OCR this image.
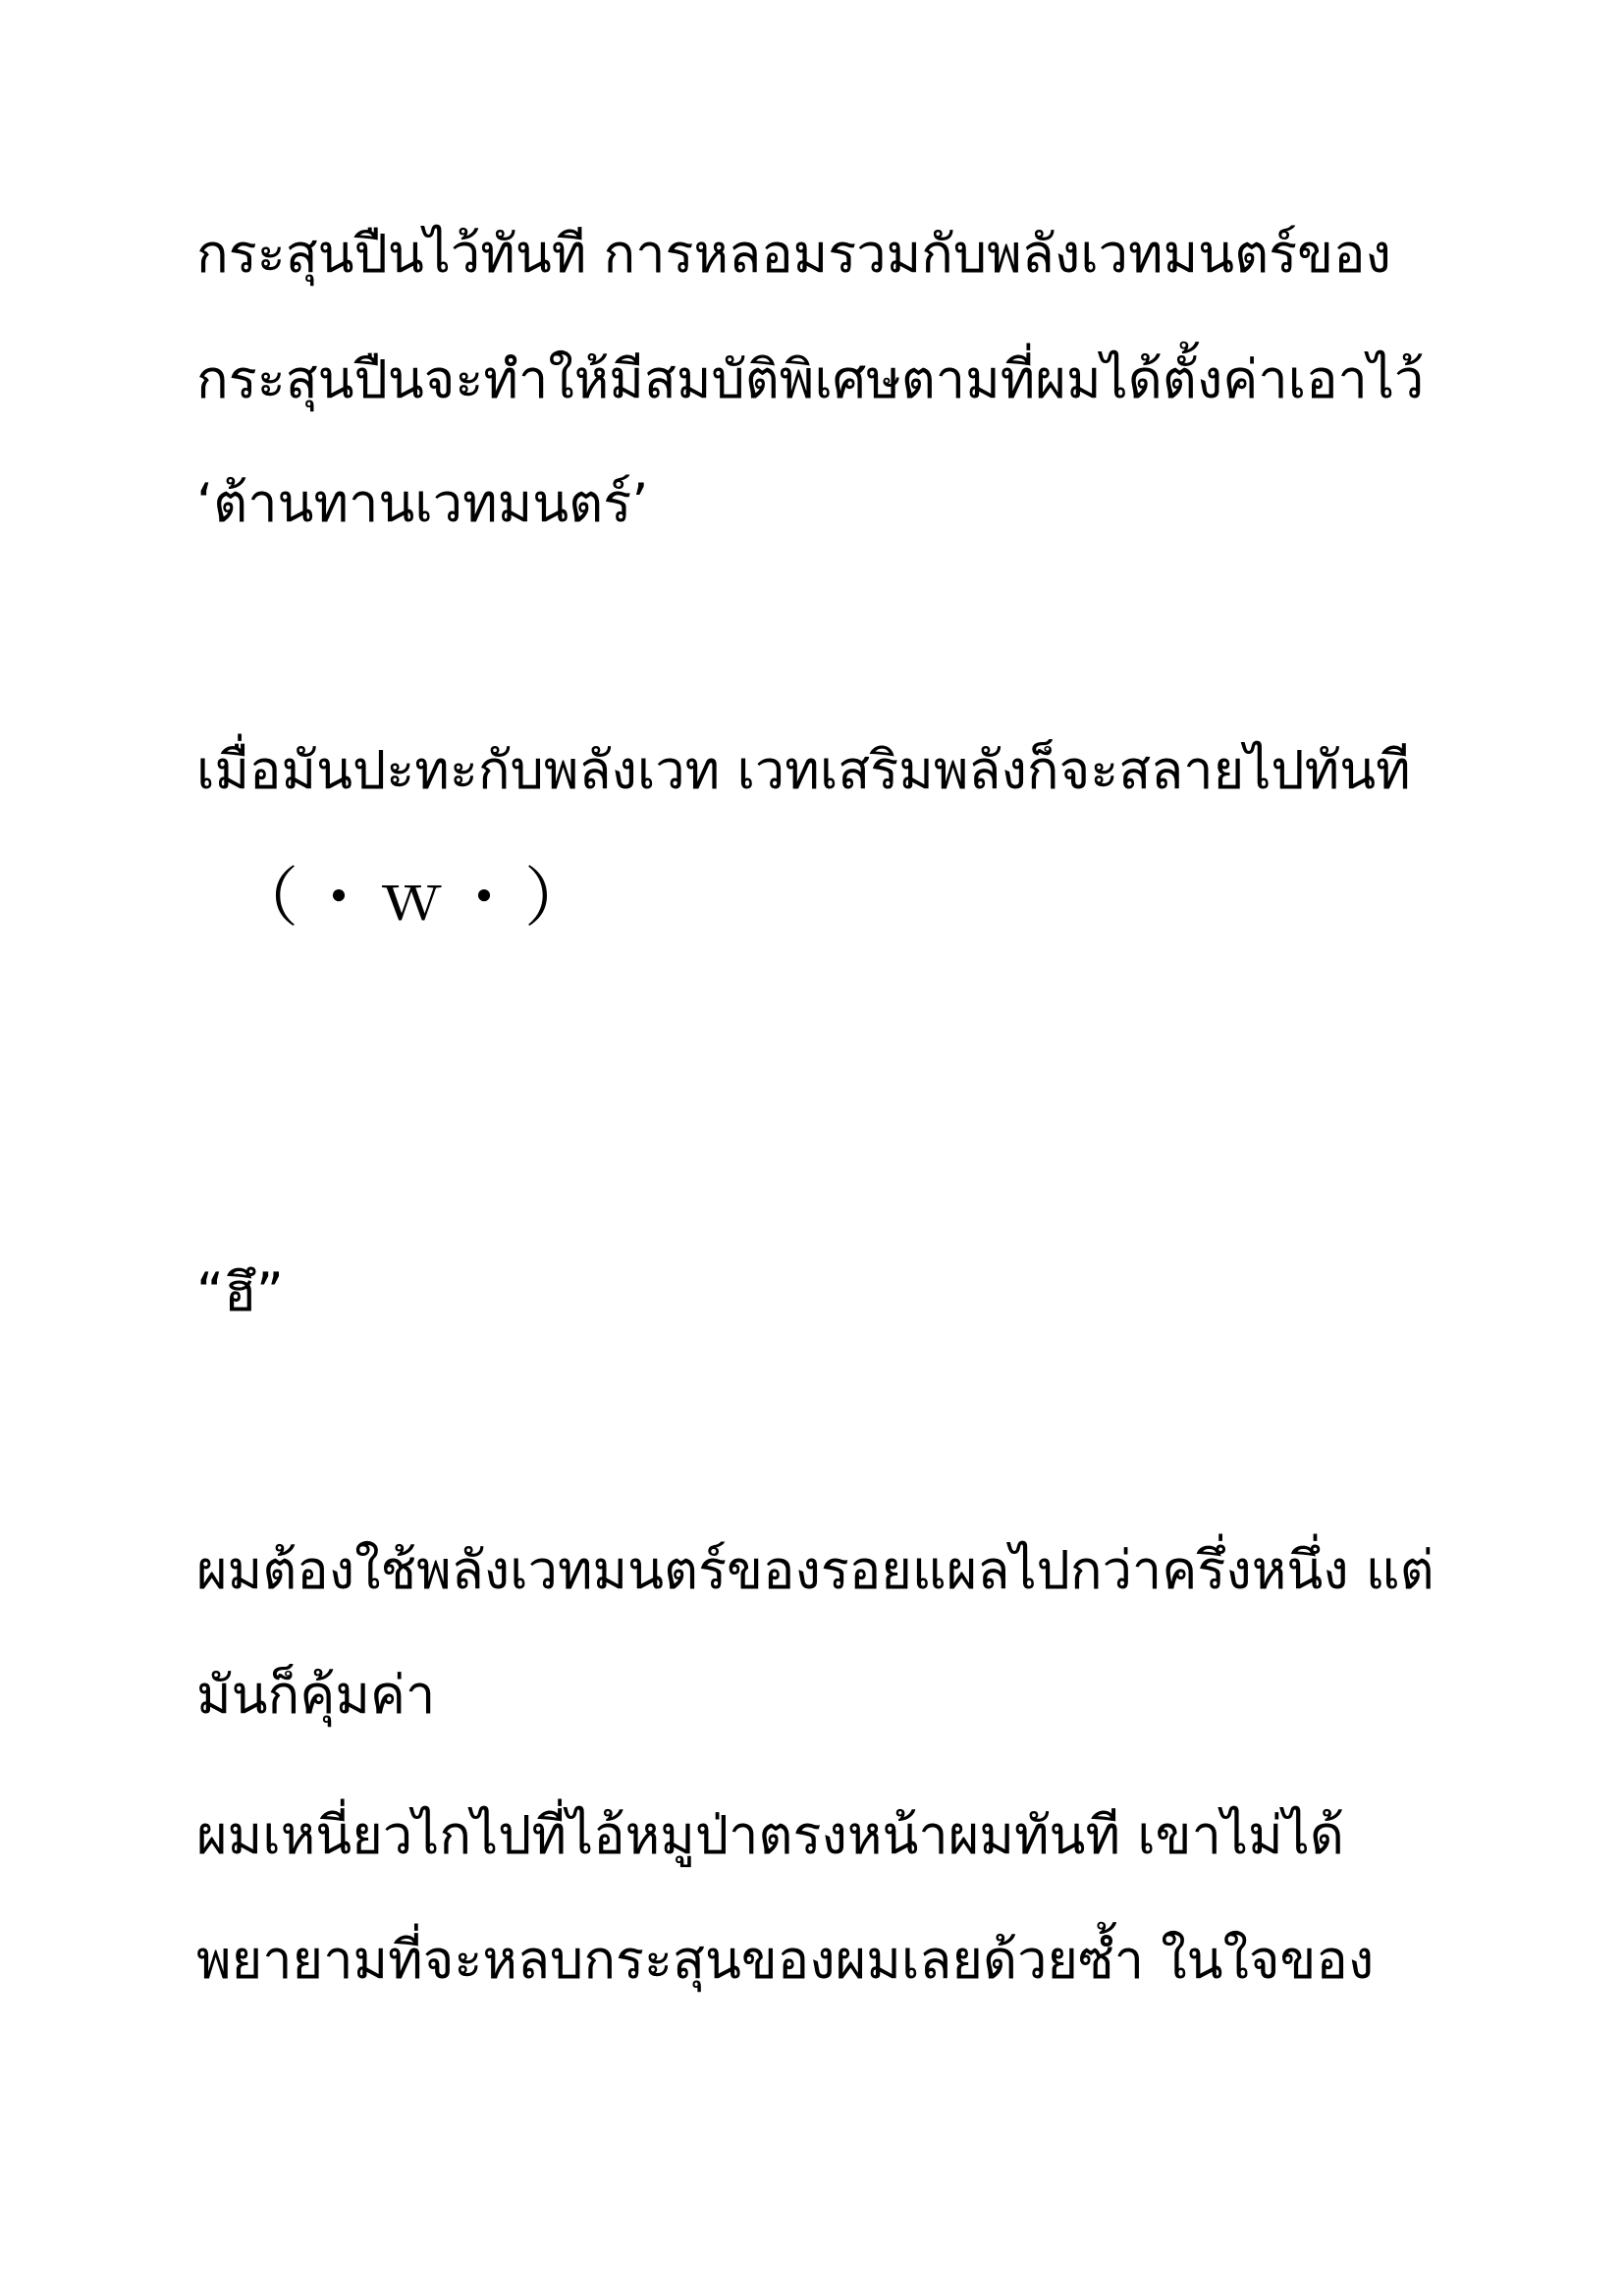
กระสุนปืนไว้ทันที การหลอมรวมกับพลังเวทมนตร์ของ
กระสุนปืนจะทำให้มีสมบัติพิเศษตามที่ผมได้ตั้งค่าเอาไว้
‘ต้านทานเวทมนตร์’
เมื่อมันปะทะกับพลังเวท เวทเสริมพลังก็จะสลายไปทันที
（・ｗ・）
“ฮึ”
ผมต้องใช้พลังเวทมนตร์ของรอยแผลไปกว่าครึ่งหนึ่ง แต่
มันก็คุ้มค่า
ผมเหนี่ยวไกไปที่ไอ้หมูป่าตรงหน้าผมทันที เขาไม่ได้
พยายามที่จะหลบกระสุนของผมเลยด้วยซ้ำ ในใจของ
